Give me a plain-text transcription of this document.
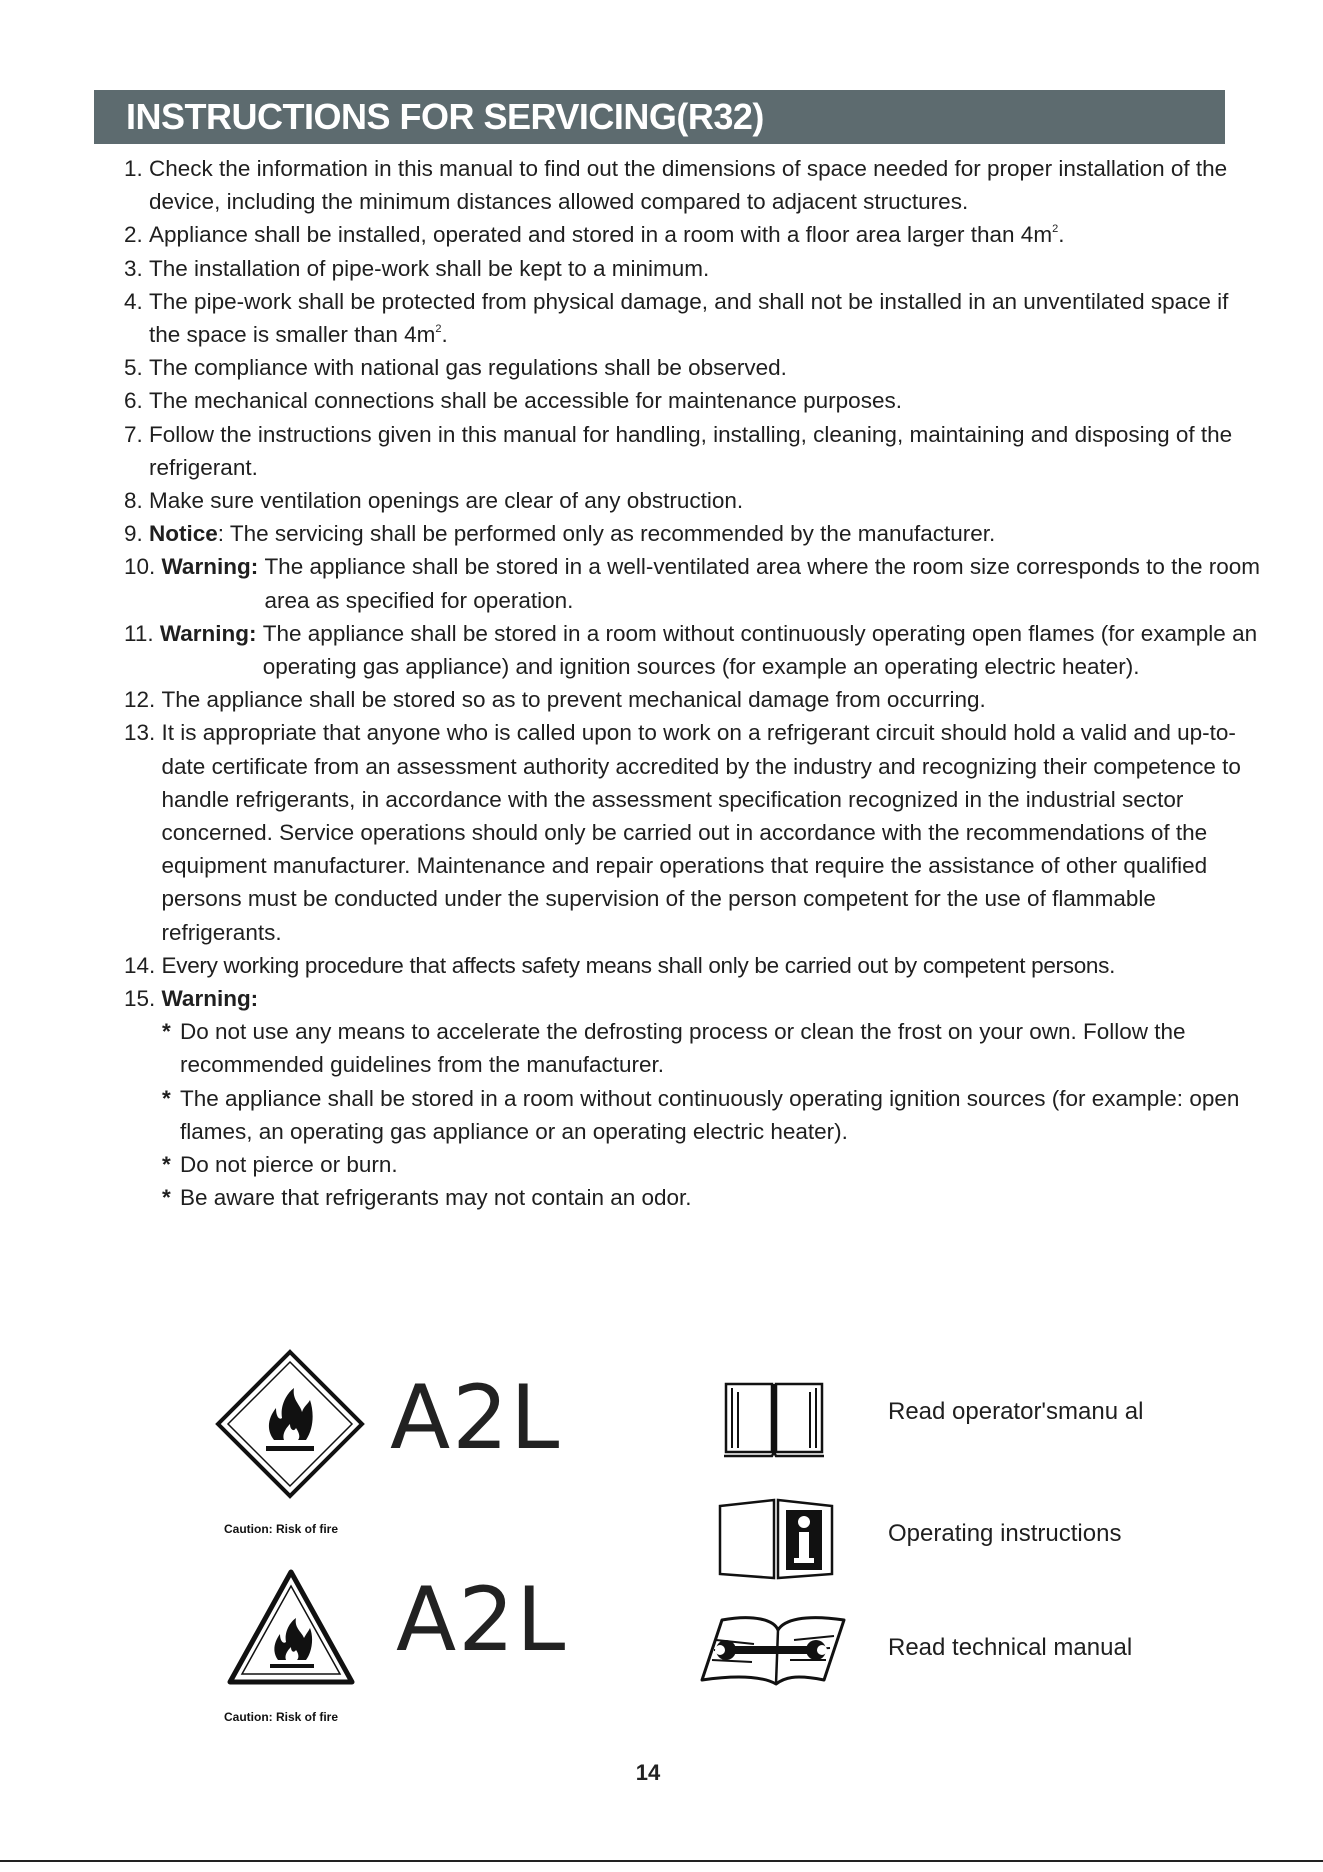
INSTRUCTIONS FOR SERVICING(R32)
1. Check the information in this manual to find out the dimensions of space needed for proper installation of the device, including the minimum distances allowed compared to adjacent structures.
2. Appliance shall be installed, operated and stored in a room with a floor area larger than $4m^2$.
3. The installation of pipe-work shall be kept to a minimum.
4. The pipe-work shall be protected from physical damage, and shall not be installed in an unventilated space if the space is smaller than $4m^2$.
5. The compliance with national gas regulations shall be observed.
6. The mechanical connections shall be accessible for maintenance purposes.
7. Follow the instructions given in this manual for handling, installing, cleaning, maintaining and disposing of the refrigerant.
8. Make sure ventilation openings are clear of any obstruction.
9. Notice: The servicing shall be performed only as recommended by the manufacturer.
10. Warning: The appliance shall be stored in a well-ventilated area where the room size corresponds to the room area as specified for operation.
11. Warning: The appliance shall be stored in a room without continuously operating open flames (for example an operating gas appliance) and ignition sources (for example an operating electric heater).
12. The appliance shall be stored so as to prevent mechanical damage from occurring.
13. It is appropriate that anyone who is called upon to work on a refrigerant circuit should hold a valid and up-to-date certificate from an assessment authority accredited by the industry and recognizing their competence to handle refrigerants, in accordance with the assessment specification recognized in the industrial sector concerned. Service operations should only be carried out in accordance with the recommendations of the equipment manufacturer. Maintenance and repair operations that require the assistance of other qualified persons must be conducted under the supervision of the person competent for the use of flammable refrigerants.
14. Every working procedure that affects safety means shall only be carried out by competent persons.
15. Warning:
* Do not use any means to accelerate the defrosting process or clean the frost on your own. Follow the recommended guidelines from the manufacturer.
* The appliance shall be stored in a room without continuously operating ignition sources (for example: open flames, an operating gas appliance or an operating electric heater).
* Do not pierce or burn.
* Be aware that refrigerants may not contain an odor.
A2L
Caution: Risk of fire
A2L
Caution: Risk of fire
Read operator'smanu al
Operating instructions
Read technical manual
14
